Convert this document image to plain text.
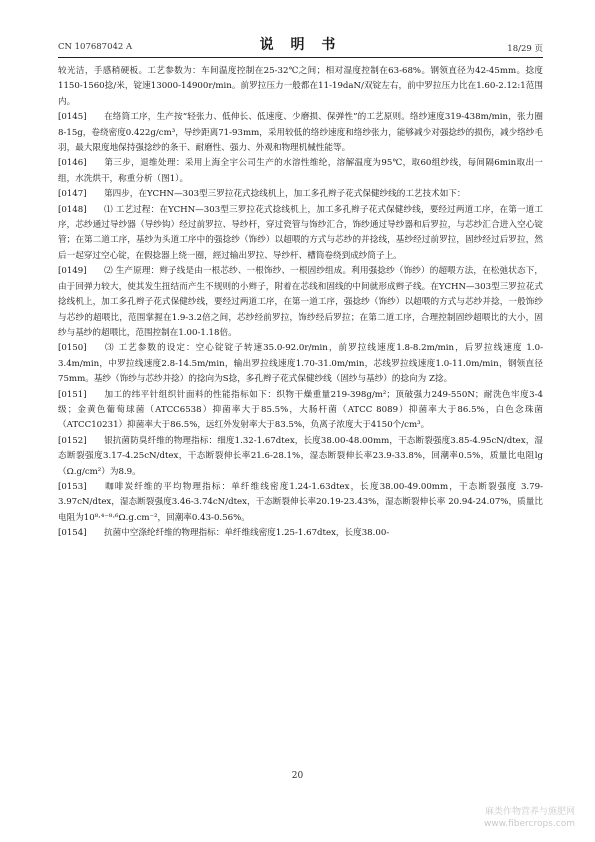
CN 107687042 A	说 明 书	18/29 页

较光洁，手感稍硬板。工艺参数为：车间温度控制在25-32℃之间；相对湿度控制在63-68%。钢领直径为42-45mm。捻度1150-1560捻/米，锭速13000-14900r/min。前罗拉压力一般都在11-19daN/双锭左右，前中罗拉压力比在1.60-2.12:1范围内。

[0145] 在络筒工序，生产按“轻张力、低伸长、低速度、少磨损、保弹性”的工艺原则。络纱速度319-438m/min，张力圈8-15g，卷绕密度0.422g/cm³，导纱距离71-93mm，采用较低的络纱速度和络纱张力，能够减少对强捻纱的损伤，减少络纱毛羽，最大限度地保持强捻纱的条干、耐磨性、强力、外观和物理机械性能等。

[0146] 第三步，退维处理：采用上海全宇公司生产的水溶性维纶，溶解温度为95℃，取60组纱线，每间隔6min取出一组，水洗烘干，称重分析（图1）。

[0147] 第四步，在YCHN—303型三罗拉花式捻线机上，加工多孔辫子花式保健纱线的工艺技术如下：

[0148] ⑴ 工艺过程：在YCHN—303型三罗拉花式捻线机上，加工多孔辫子花式保健纱线，要经过两道工序，在第一道工序，芯纱通过导纱器（导纱钩）经过前罗拉、导纱杆，穿过瓷管与饰纱汇合，饰纱通过导纱器和后罗拉，与芯纱汇合进入空心锭管；在第二道工序，基纱为头道工序中的强捻纱（饰纱）以超喂的方式与芯纱的并捻线，基纱经过前罗拉，固纱经过后罗拉，然后一起穿过空心锭，在假捻器上绕一圈，經过输出罗拉、导纱杆、槽筒卷绕到成纱筒子上。

[0149] ⑵ 生产原理：辫子线是由一根芯纱、一根饰纱、一根固纱组成。利用强捻纱（饰纱）的超喂方法，在松弛状态下，由于回弹力较大，使其发生扭结而产生不规则的小辫子，附着在芯线和固线的中间就形成辫子线。在YCHN—303型三罗拉花式捻线机上，加工多孔辫子花式保健纱线，要经过两道工序，在第一道工序，强捻纱（饰纱）以超喂的方式与芯纱并捻，一般饰纱与芯纱的超喂比，范围掌握在1.9-3.2倍之间，芯纱经前罗拉，饰纱经后罗拉；在第二道工序，合理控制固纱超喂比的大小，固纱与基纱的超喂比，范围控制在1.00-1.18倍。

[0150] ⑶ 工艺参数的设定：空心锭锭子转速35.0-92.0r/min，前罗拉线速度1.8-8.2m/min，后罗拉线速度 1.0-3.4m/min，中罗拉线速度2.8-14.5m/min，输出罗拉线速度1.70-31.0m/min，芯线罗拉线速度1.0-11.0m/min，钢领直径75mm。基纱（饰纱与芯纱并捻）的捻向为S捻，多孔辫子花式保健纱线（固纱与基纱）的捻向为 Z捻。

[0151] 加工的纬平针组织针面料的性能指标如下：织物干燥重量219-398g/m²；顶破强力249-550N；耐洗色牢度3-4级；金黄色葡萄球菌（ATCC6538）抑菌率大于85.5%，大肠杆菌（ATCC 8089）抑菌率大于86.5%，白色念珠菌（ATCC10231）抑菌率大于86.5%，远红外发射率大于83.5%，负离子浓度大于4150个/cm³。

[0152] 银抗菌防臭纤维的物理指标：细度1.32-1.67dtex，长度38.00-48.00mm，干态断裂强度3.85-4.95cN/dtex，湿态断裂强度3.17-4.25cN/dtex，干态断裂伸长率21.6-28.1%，湿态断裂伸长率23.9-33.8%，回潮率0.5%，质量比电阻lg（Ω.g/cm²）为8.9。

[0153] 咖啡炭纤维的平均物理指标：单纤维线密度1.24-1.63dtex，长度38.00-49.00mm，干态断裂强度 3.79-3.97cN/dtex，湿态断裂强度3.46-3.74cN/dtex，干态断裂伸长率20.19-23.43%，湿态断裂伸长率 20.94-24.07%，质量比电阻为10⁸·⁴⁻⁸·⁶Ω.g.cm⁻²，回潮率0.43-0.56%。

[0154] 抗菌中空涤纶纤维的物理指标：单纤维线密度1.25-1.67dtex，长度38.00-

20
麻类作物营养与施肥网
www.fibercrops.com
